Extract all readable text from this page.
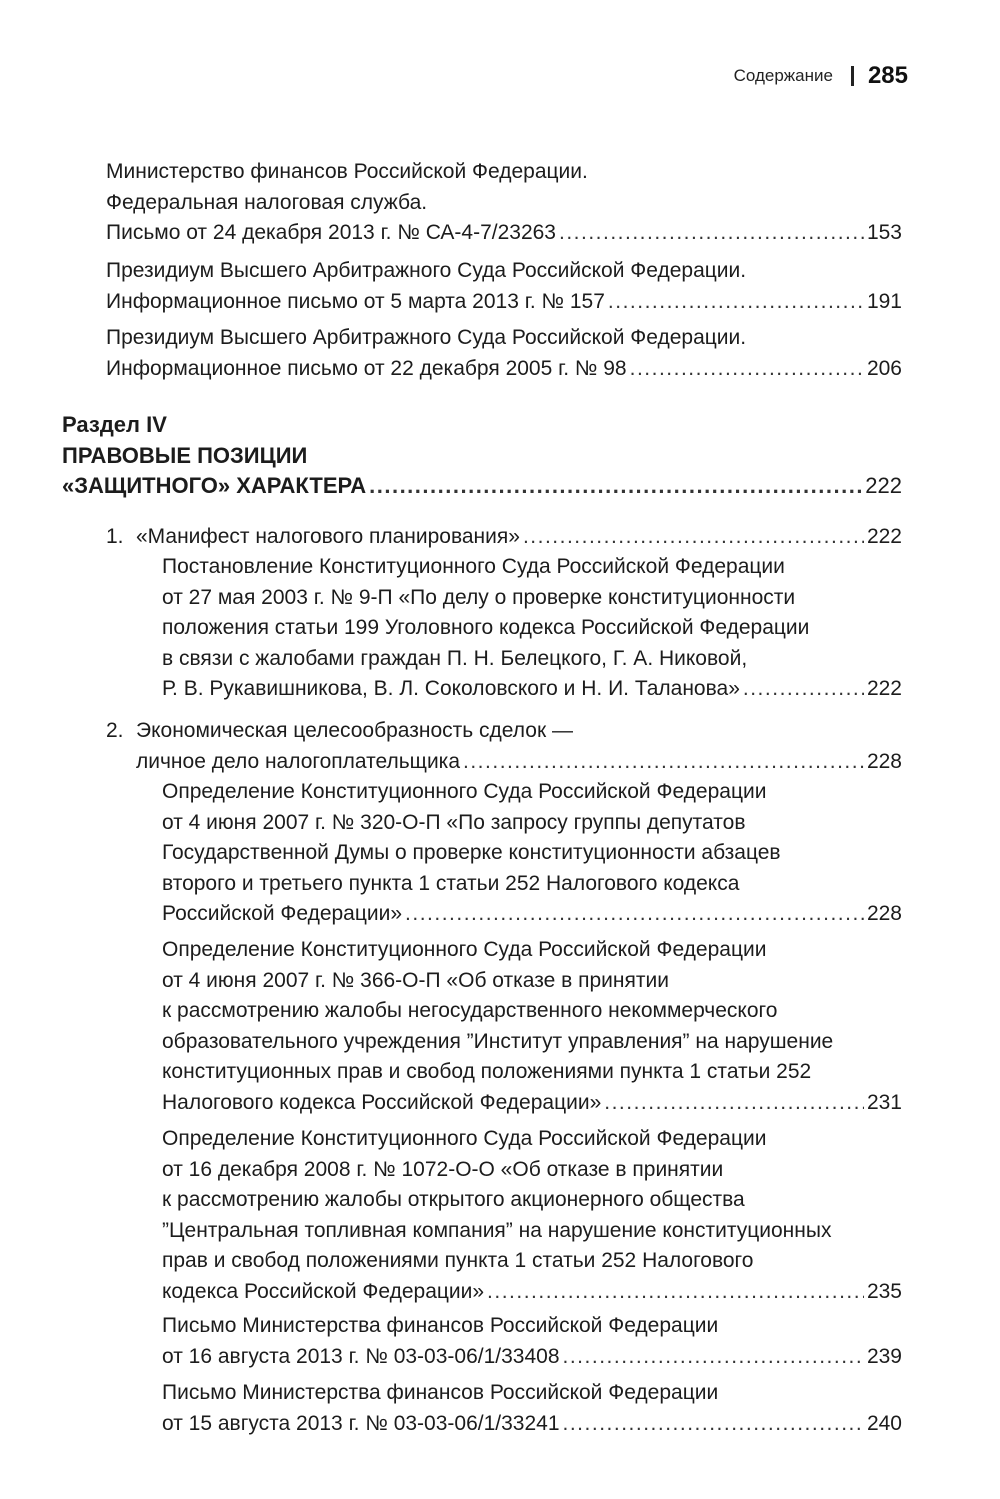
Содержание 285
Министерство финансов Российской Федерации.
Федеральная налоговая служба.
Письмо от 24 декабря 2013 г. № СА-4-7/23263 .....	153
Президиум Высшего Арбитражного Суда Российской Федерации.
Информационное письмо от 5 марта 2013 г. № 157 .....	191
Президиум Высшего Арбитражного Суда Российской Федерации.
Информационное письмо от 22 декабря 2005 г. № 98 .....	206
Раздел IV
ПРАВОВЫЕ ПОЗИЦИИ
«ЗАЩИТНОГО» ХАРАКТЕРА .....	222
1. «Манифест налогового планирования» .....	222
Постановление Конституционного Суда Российской Федерации
от 27 мая 2003 г. № 9-П «По делу о проверке конституционности
положения статьи 199 Уголовного кодекса Российской Федерации
в связи с жалобами граждан П. Н. Белецкого, Г. А. Никовой,
Р. В. Рукавишникова, В. Л. Соколовского и Н. И. Таланова» .....	222
2. Экономическая целесообразность сделок —
личное дело налогоплательщика .....	228
Определение Конституционного Суда Российской Федерации
от 4 июня 2007 г. № 320-О-П «По запросу группы депутатов
Государственной Думы о проверке конституционности абзацев
второго и третьего пункта 1 статьи 252 Налогового кодекса
Российской Федерации» .....	228
Определение Конституционного Суда Российской Федерации
от 4 июня 2007 г. № 366-О-П «Об отказе в принятии
к рассмотрению жалобы негосударственного некоммерческого
образовательного учреждения ”Институт управления” на нарушение
конституционных прав и свобод положениями пункта 1 статьи 252
Налогового кодекса Российской Федерации» .....	231
Определение Конституционного Суда Российской Федерации
от 16 декабря 2008 г. № 1072-О-О «Об отказе в принятии
к рассмотрению жалобы открытого акционерного общества
”Центральная топливная компания” на нарушение конституционных
прав и свобод положениями пункта 1 статьи 252 Налогового
кодекса Российской Федерации» .....	235
Письмо Министерства финансов Российской Федерации
от 16 августа 2013 г. № 03-03-06/1/33408 .....	239
Письмо Министерства финансов Российской Федерации
от 15 августа 2013 г. № 03-03-06/1/33241 .....	240
